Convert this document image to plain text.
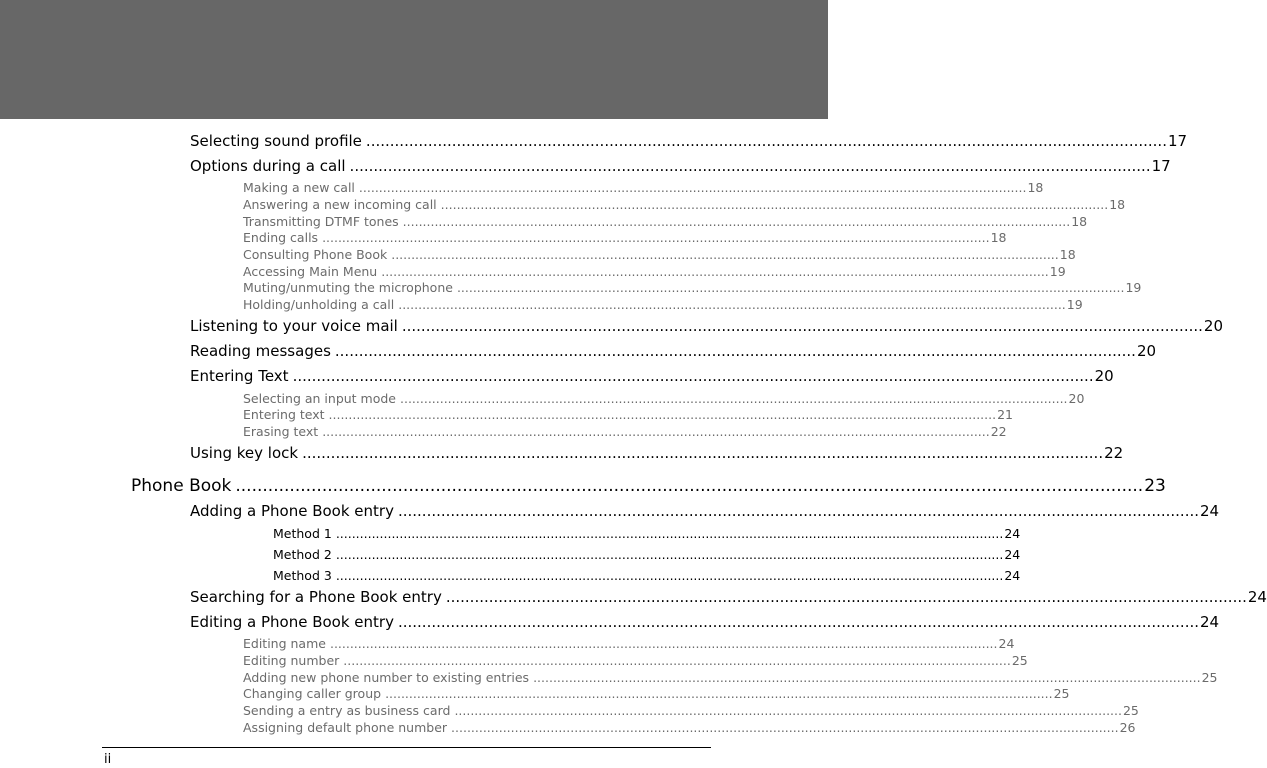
Selecting sound profile ........................................................................................................................................................................ 17
Options during a call ........................................................................................................................................................................ 17
Making a new call ........................................................................................................................................................................ 18
Answering a new incoming call ........................................................................................................................................................................ 18
Transmitting DTMF tones ........................................................................................................................................................................ 18
Ending calls ........................................................................................................................................................................ 18
Consulting Phone Book ........................................................................................................................................................................ 18
Accessing Main Menu ........................................................................................................................................................................ 19
Muting/unmuting the microphone ........................................................................................................................................................................ 19
Holding/unholding a call ........................................................................................................................................................................ 19
Listening to your voice mail ........................................................................................................................................................................ 20
Reading messages ........................................................................................................................................................................ 20
Entering Text ........................................................................................................................................................................ 20
Selecting an input mode ........................................................................................................................................................................ 20
Entering text ........................................................................................................................................................................ 21
Erasing text ........................................................................................................................................................................ 22
Using key lock ........................................................................................................................................................................ 22
Phone Book ........................................................................................................................................................................ 23
Adding a Phone Book entry ........................................................................................................................................................................ 24
Method 1 ........................................................................................................................................................................ 24
Method 2 ........................................................................................................................................................................ 24
Method 3 ........................................................................................................................................................................ 24
Searching for a Phone Book entry ........................................................................................................................................................................ 24
Editing a Phone Book entry ........................................................................................................................................................................ 24
Editing name ........................................................................................................................................................................ 24
Editing number ........................................................................................................................................................................ 25
Adding new phone number to existing entries ........................................................................................................................................................................ 25
Changing caller group ........................................................................................................................................................................ 25
Sending a entry as business card ........................................................................................................................................................................ 25
Assigning default phone number ........................................................................................................................................................................ 26
ii
